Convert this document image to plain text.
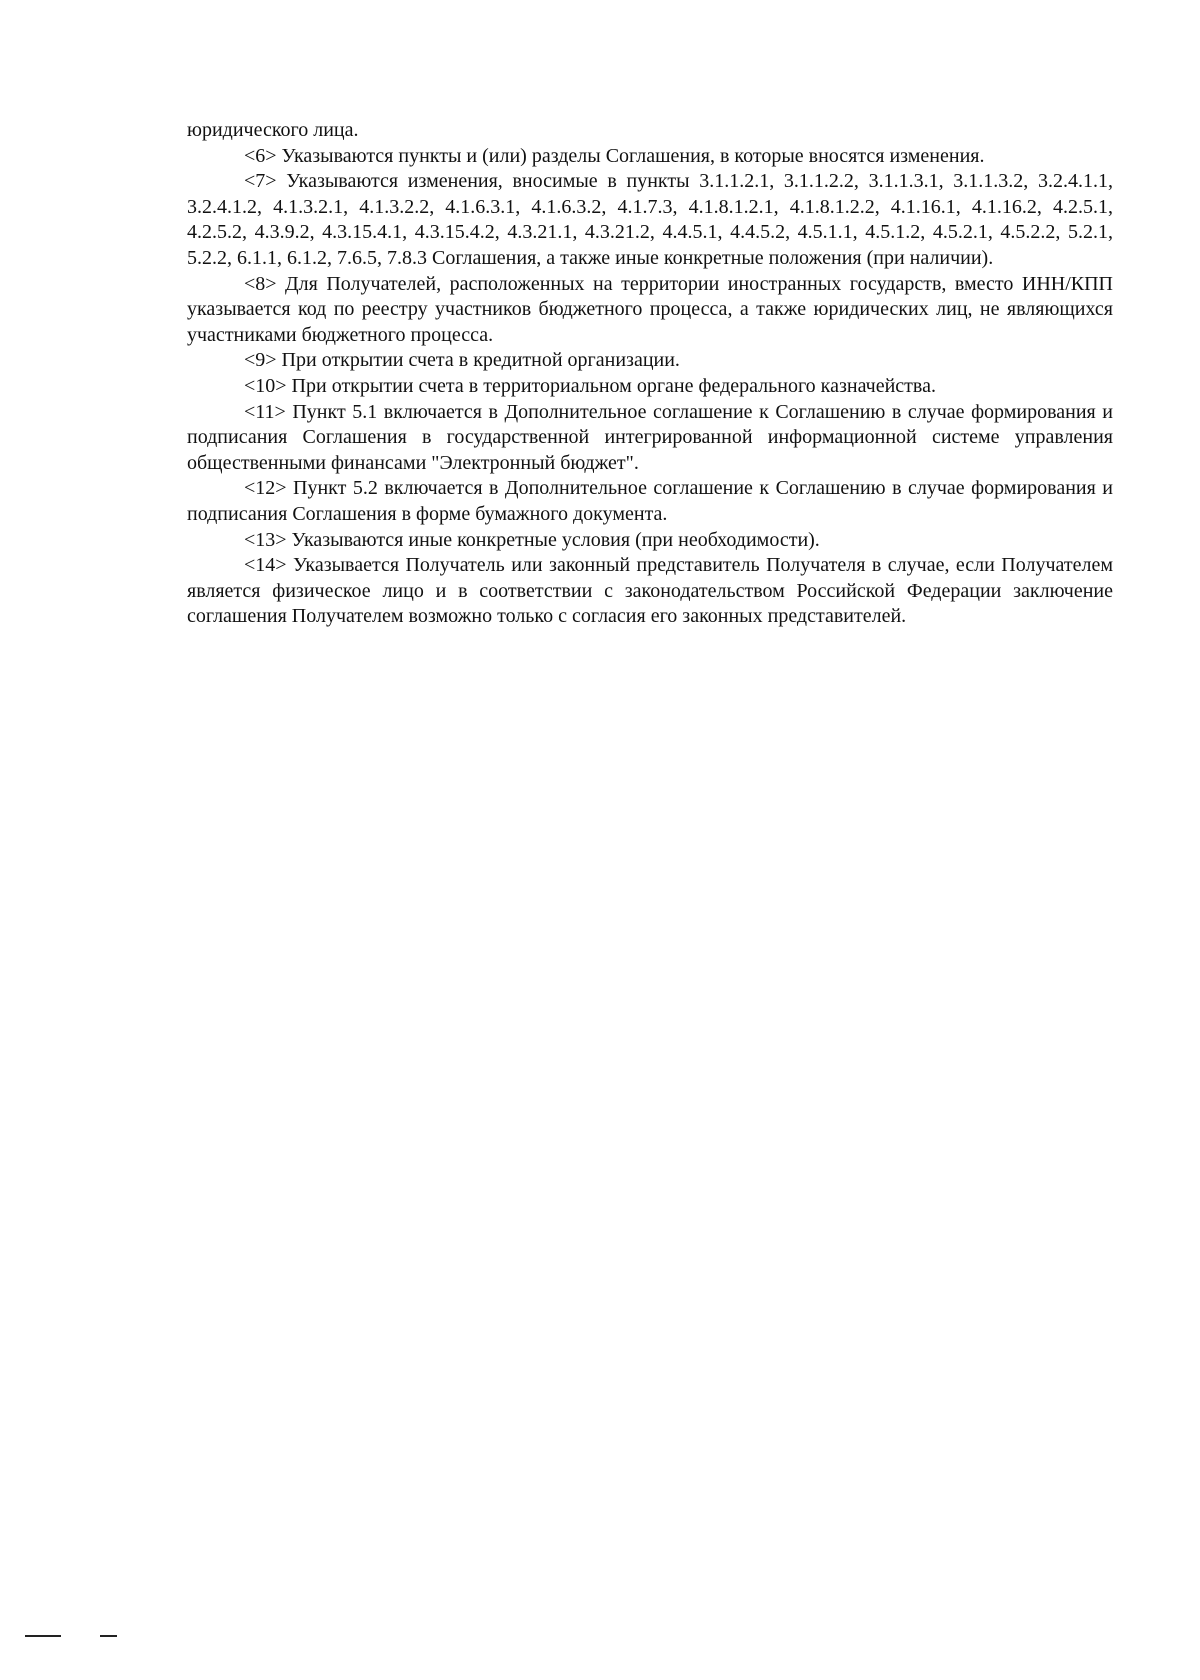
юридического лица.

<6> Указываются пункты и (или) разделы Соглашения, в которые вносятся изменения.

<7> Указываются изменения, вносимые в пункты 3.1.1.2.1, 3.1.1.2.2, 3.1.1.3.1, 3.1.1.3.2, 3.2.4.1.1, 3.2.4.1.2, 4.1.3.2.1, 4.1.3.2.2, 4.1.6.3.1, 4.1.6.3.2, 4.1.7.3, 4.1.8.1.2.1, 4.1.8.1.2.2, 4.1.16.1, 4.1.16.2, 4.2.5.1, 4.2.5.2, 4.3.9.2, 4.3.15.4.1, 4.3.15.4.2, 4.3.21.1, 4.3.21.2, 4.4.5.1, 4.4.5.2, 4.5.1.1, 4.5.1.2, 4.5.2.1, 4.5.2.2, 5.2.1, 5.2.2, 6.1.1, 6.1.2, 7.6.5, 7.8.3 Соглашения, а также иные конкретные положения (при наличии).

<8> Для Получателей, расположенных на территории иностранных государств, вместо ИНН/КПП указывается код по реестру участников бюджетного процесса, а также юридических лиц, не являющихся участниками бюджетного процесса.

<9> При открытии счета в кредитной организации.

<10> При открытии счета в территориальном органе федерального казначейства.

<11> Пункт 5.1 включается в Дополнительное соглашение к Соглашению в случае формирования и подписания Соглашения в государственной интегрированной информационной системе управления общественными финансами "Электронный бюджет".

<12> Пункт 5.2 включается в Дополнительное соглашение к Соглашению в случае формирования и подписания Соглашения в форме бумажного документа.

<13> Указываются иные конкретные условия (при необходимости).

<14> Указывается Получатель или законный представитель Получателя в случае, если Получателем является физическое лицо и в соответствии с законодательством Российской Федерации заключение соглашения Получателем возможно только с согласия его законных представителей.
